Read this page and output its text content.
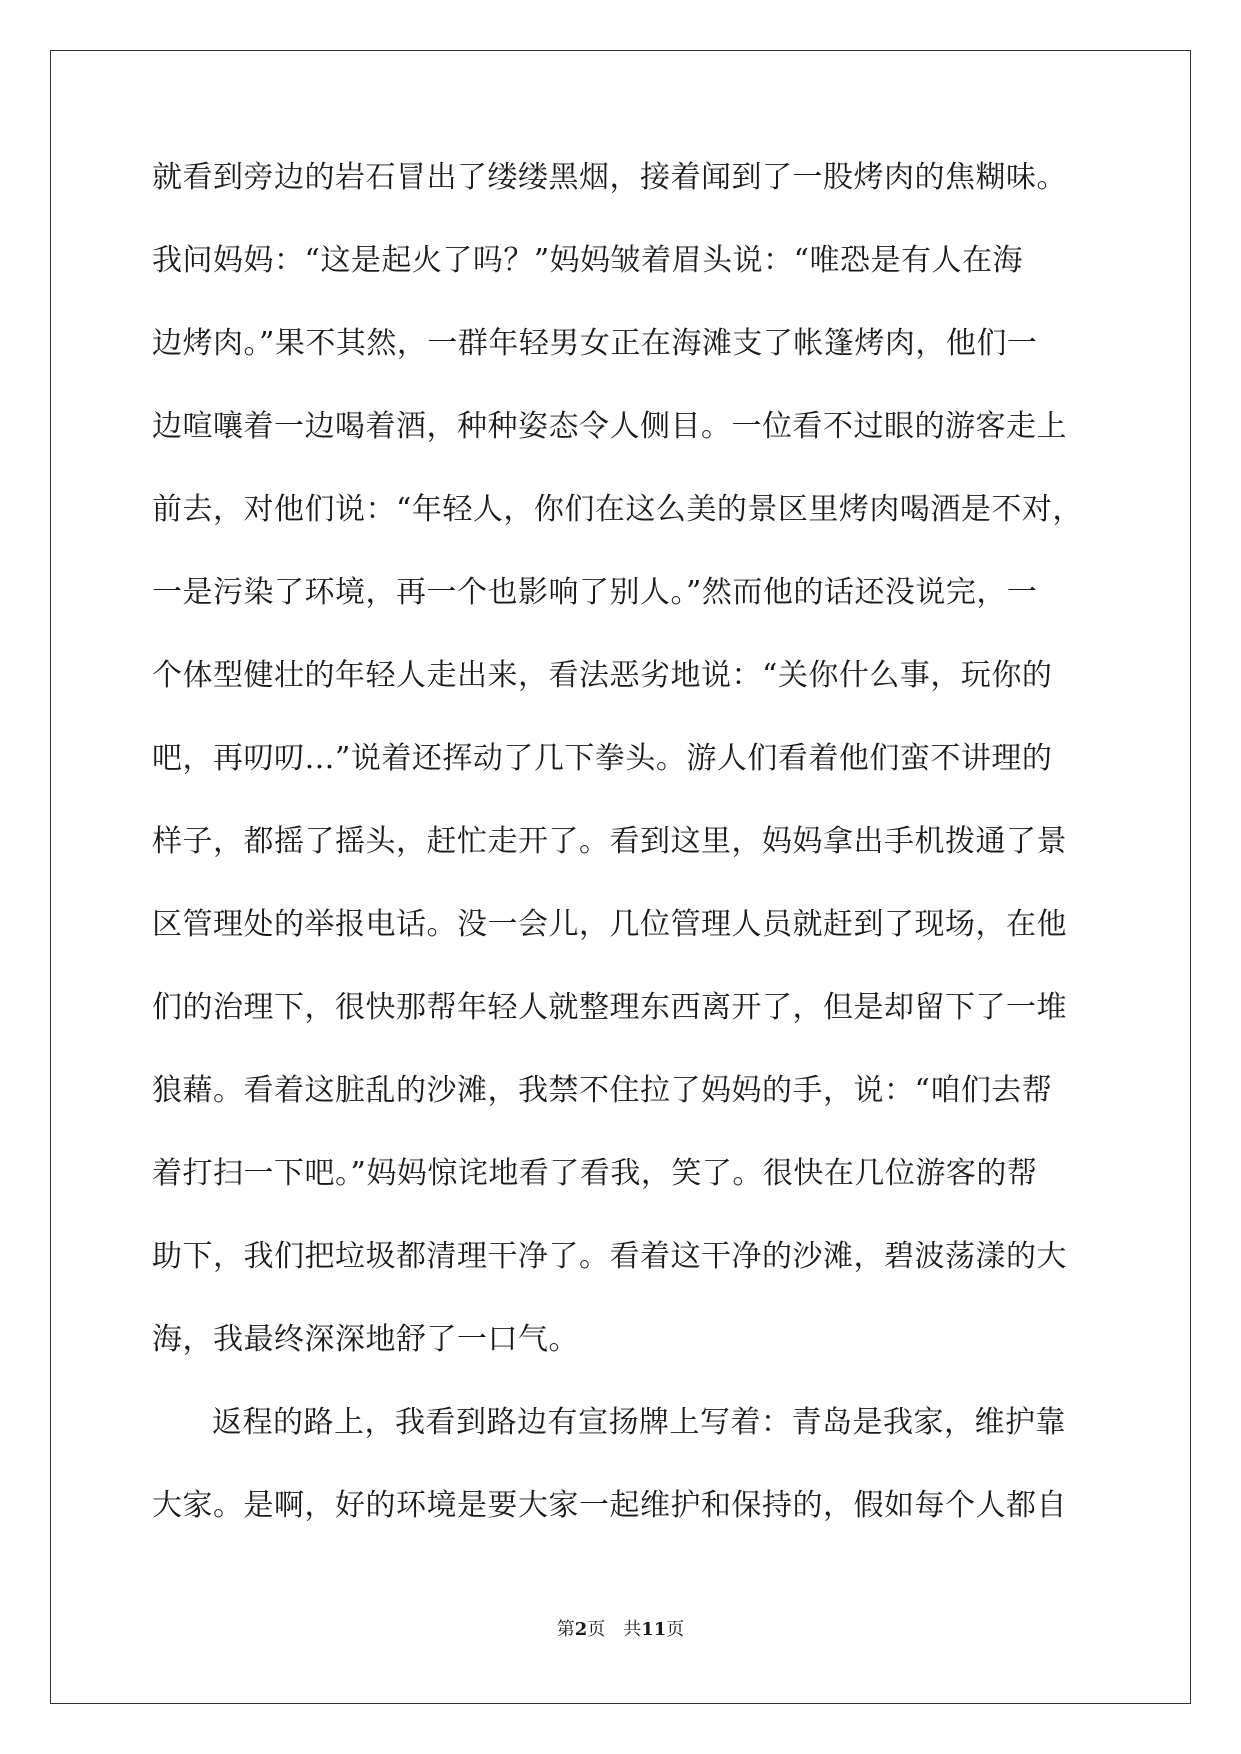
就看到旁边的岩石冒出了缕缕黑烟，接着闻到了一股烤肉的焦糊味。
我问妈妈：“这是起火了吗？”妈妈皱着眉头说：“唯恐是有人在海
边烤肉。”果不其然，一群年轻男女正在海滩支了帐篷烤肉，他们一
边喧嚷着一边喝着酒，种种姿态令人侧目。一位看不过眼的游客走上
前去，对他们说：“年轻人，你们在这么美的景区里烤肉喝酒是不对，
一是污染了环境，再一个也影响了别人。”然而他的话还没说完，一
个体型健壮的年轻人走出来，看法恶劣地说：“关你什么事，玩你的
吧，再叨叨…”说着还挥动了几下拳头。游人们看着他们蛮不讲理的
样子，都摇了摇头，赶忙走开了。看到这里，妈妈拿出手机拨通了景
区管理处的举报电话。没一会儿，几位管理人员就赶到了现场，在他
们的治理下，很快那帮年轻人就整理东西离开了，但是却留下了一堆
狼藉。看着这脏乱的沙滩，我禁不住拉了妈妈的手，说：“咱们去帮
着打扫一下吧。”妈妈惊诧地看了看我，笑了。很快在几位游客的帮
助下，我们把垃圾都清理干净了。看着这干净的沙滩，碧波荡漾的大
海，我最终深深地舒了一口气。
返程的路上，我看到路边有宣扬牌上写着：青岛是我家，维护靠
大家。是啊，好的环境是要大家一起维护和保持的，假如每个人都自
第2页 共11页
